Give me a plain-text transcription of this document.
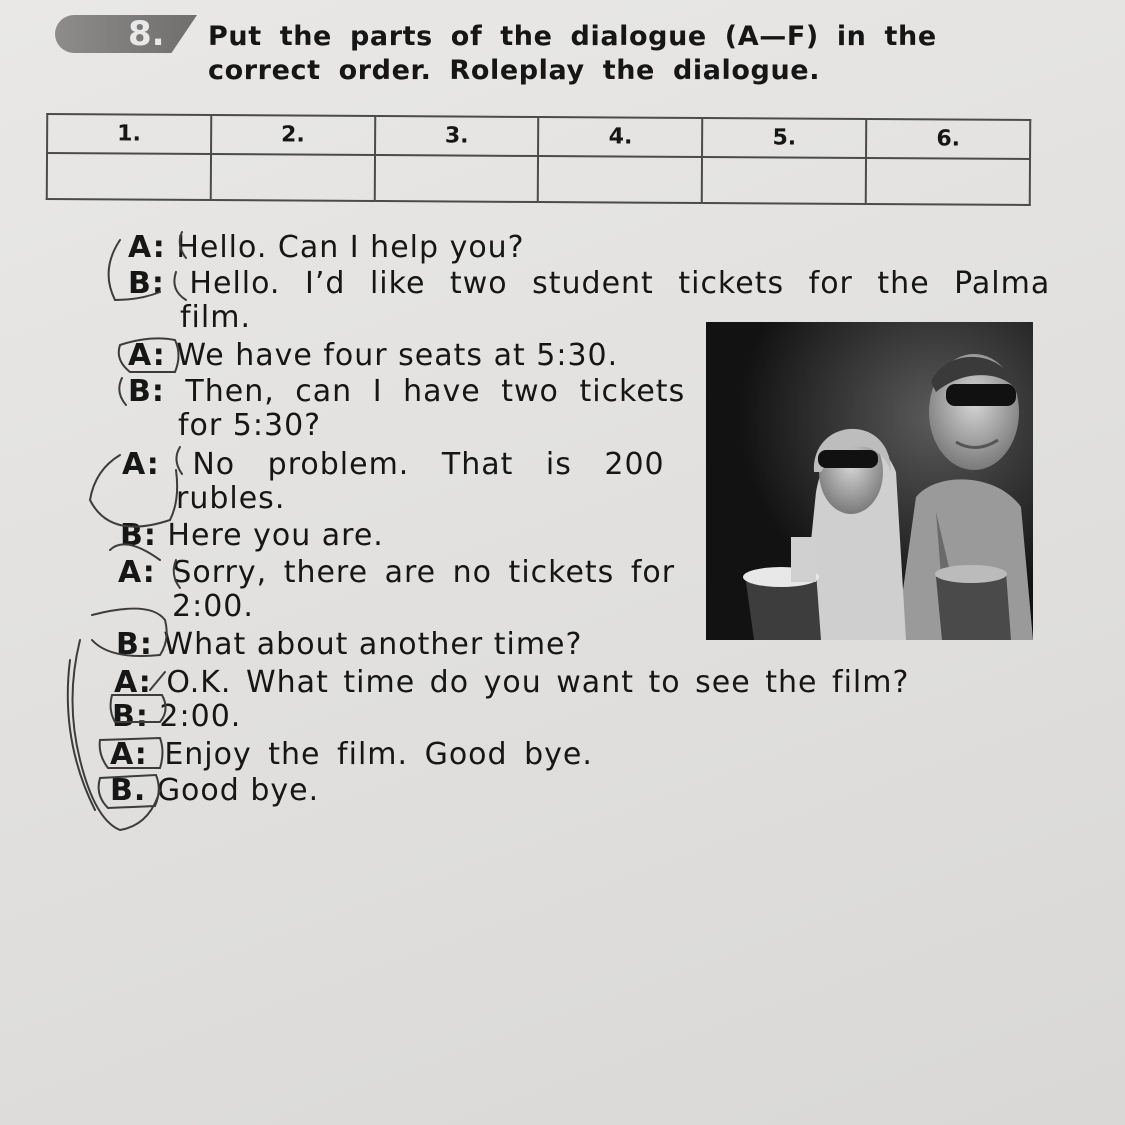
8. Put the parts of the dialogue (A—F) in the correct order. Roleplay the dialogue.
1.	2.	3.	4.	5.	6.

A: Hello. Can I help you?
B: Hello. I’d like two student tickets for the Palma
film.
A: We have four seats at 5:30.
B: Then, can I have two tickets
for 5:30?
A: No problem. That is 200
rubles.
B: Here you are.
A: Sorry, there are no tickets for
2:00.
B: What about another time?
A: O.K. What time do you want to see the film?
B: 2:00.
A: Enjoy the film. Good bye.
B. Good bye.
